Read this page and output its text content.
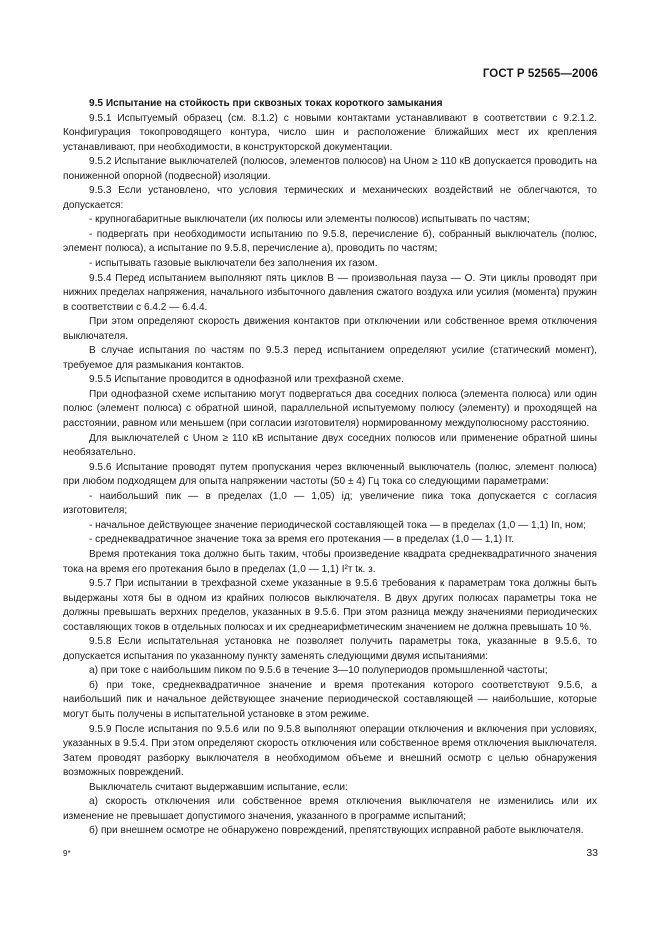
ГОСТ Р 52565—2006

9.5 Испытание на стойкость при сквозных токах короткого замыкания

9.5.1 Испытуемый образец (см. 8.1.2) с новыми контактами устанавливают в соответствии с 9.2.1.2. Конфигурация токопроводящего контура, число шин и расположение ближайших мест их крепления устанавливают, при необходимости, в конструкторской документации.

9.5.2 Испытание выключателей (полюсов, элементов полюсов) на Uном ≥ 110 кВ допускается проводить на пониженной опорной (подвесной) изоляции.

9.5.3 Если установлено, что условия термических и механических воздействий не облегчаются, то допускается:

- крупногабаритные выключатели (их полюсы или элементы полюсов) испытывать по частям;

- подвергать при необходимости испытанию по 9.5.8, перечисление б), собранный выключатель (полюс, элемент полюса), а испытание по 9.5.8, перечисление а), проводить по частям;

- испытывать газовые выключатели без заполнения их газом.

9.5.4 Перед испытанием выполняют пять циклов В — произвольная пауза — О. Эти циклы проводят при нижних пределах напряжения, начального избыточного давления сжатого воздуха или усилия (момента) пружин в соответствии с 6.4.2 — 6.4.4.

При этом определяют скорость движения контактов при отключении или собственное время отключения выключателя.

В случае испытания по частям по 9.5.3 перед испытанием определяют усилие (статический момент), требуемое для размыкания контактов.

9.5.5 Испытание проводится в однофазной или трехфазной схеме.

При однофазной схеме испытанию могут подвергаться два соседних полюса (элемента полюса) или один полюс (элемент полюса) с обратной шиной, параллельной испытуемому полюсу (элементу) и проходящей на расстоянии, равном или меньшем (при согласии изготовителя) нормированному междуполюсному расстоянию.

Для выключателей с Uном ≥ 110 кВ испытание двух соседних полюсов или применение обратной шины необязательно.

9.5.6 Испытание проводят путем пропускания через включенный выключатель (полюс, элемент полюса) при любом подходящем для опыта напряжении частоты (50 ± 4) Гц тока со следующими параметрами:

- наибольший пик — в пределах (1,0 — 1,05) iд; увеличение пика тока допускается с согласия изготовителя;

- начальное действующее значение периодической составляющей тока — в пределах (1,0 — 1,1) Iп, ном;

- среднеквадратичное значение тока за время его протекания — в пределах (1,0 — 1,1) Iт.

Время протекания тока должно быть таким, чтобы произведение квадрата среднеквадратичного значения тока на время его протекания было в пределах (1,0 — 1,1) I²т tк. з.

9.5.7 При испытании в трехфазной схеме указанные в 9.5.6 требования к параметрам тока должны быть выдержаны хотя бы в одном из крайних полюсов выключателя. В двух других полюсах параметры тока не должны превышать верхних пределов, указанных в 9.5.6. При этом разница между значениями периодических составляющих токов в отдельных полюсах и их среднеарифметическим значением не должна превышать 10 %.

9.5.8 Если испытательная установка не позволяет получить параметры тока, указанные в 9.5.6, то допускается испытания по указанному пункту заменять следующими двумя испытаниями:

а) при токе с наибольшим пиком по 9.5.6 в течение 3—10 полупериодов промышленной частоты;

б) при токе, среднеквадратичное значение и время протекания которого соответствуют 9.5.6, а наибольший пик и начальное действующее значение периодической составляющей — наибольшие, которые могут быть получены в испытательной установке в этом режиме.

9.5.9 После испытания по 9.5.6 или по 9.5.8 выполняют операции отключения и включения при условиях, указанных в 9.5.4. При этом определяют скорость отключения или собственное время отключения выключателя. Затем проводят разборку выключателя в необходимом объеме и внешний осмотр с целью обнаружения возможных повреждений.

Выключатель считают выдержавшим испытание, если:

а) скорость отключения или собственное время отключения выключателя не изменились или их изменение не превышает допустимого значения, указанного в программе испытаний;

б) при внешнем осмотре не обнаружено повреждений, препятствующих исправной работе выключателя.

9*	33
